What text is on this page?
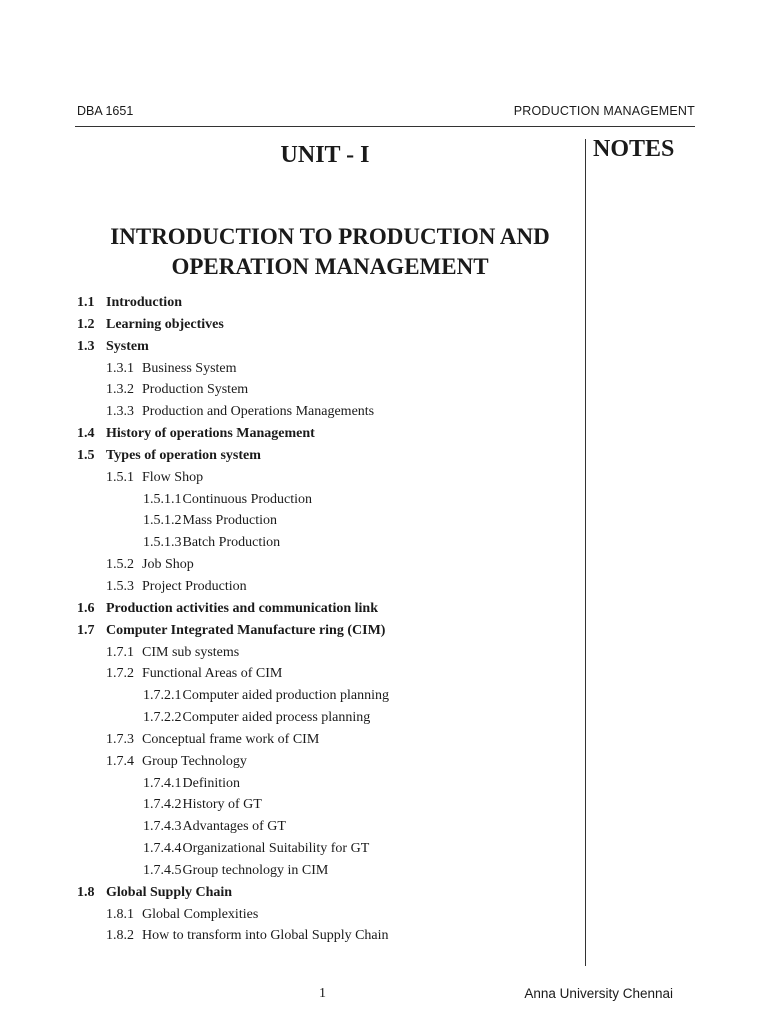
DBA 1651	PRODUCTION MANAGEMENT
NOTES
UNIT - I
INTRODUCTION TO PRODUCTION AND
OPERATION MANAGEMENT
1.1 Introduction
1.2 Learning objectives
1.3 System
1.3.1 Business System
1.3.2 Production System
1.3.3 Production and Operations Managements
1.4 History of operations Management
1.5 Types of operation system
1.5.1 Flow Shop
1.5.1.1Continuous Production
1.5.1.2Mass Production
1.5.1.3Batch Production
1.5.2 Job Shop
1.5.3 Project Production
1.6 Production activities and communication link
1.7 Computer Integrated Manufacture ring (CIM)
1.7.1 CIM sub systems
1.7.2 Functional Areas of CIM
1.7.2.1Computer aided production planning
1.7.2.2Computer aided process planning
1.7.3 Conceptual frame work of CIM
1.7.4 Group Technology
1.7.4.1Definition
1.7.4.2History of GT
1.7.4.3Advantages of GT
1.7.4.4Organizational Suitability for GT
1.7.4.5Group technology in CIM
1.8 Global Supply Chain
1.8.1 Global Complexities
1.8.2 How to transform into Global Supply Chain
1	Anna University Chennai
